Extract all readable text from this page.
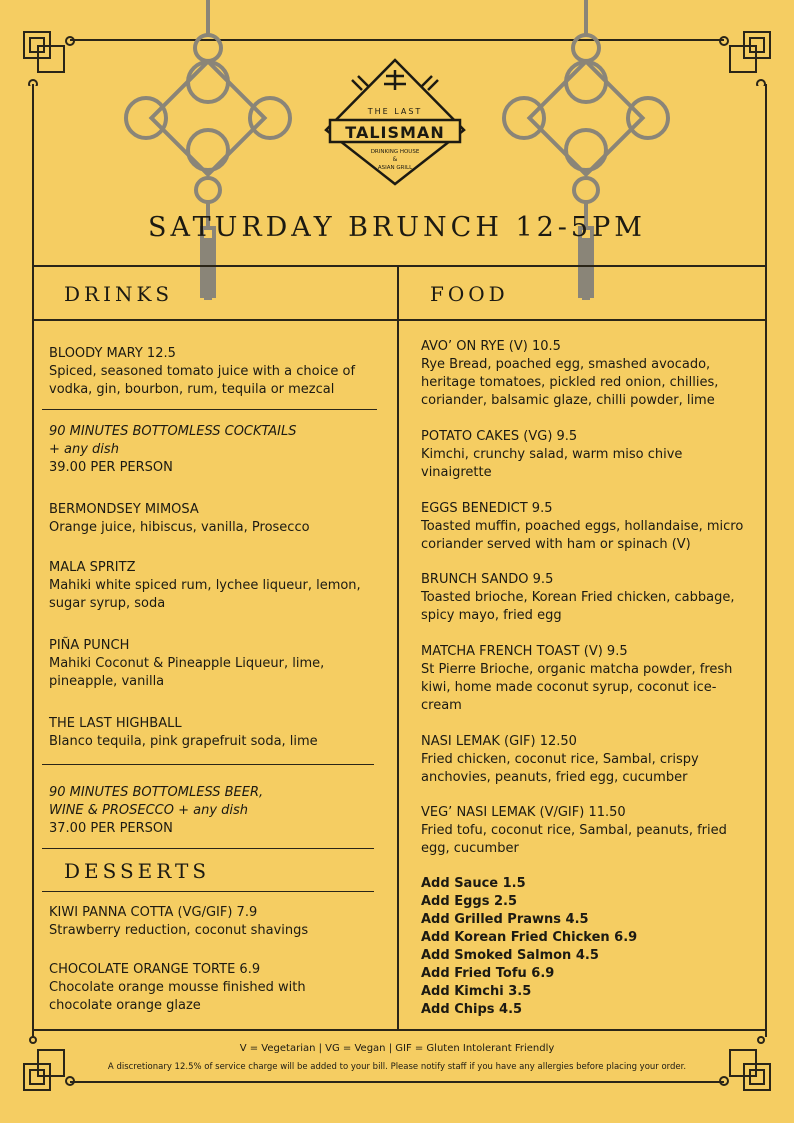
THE LAST
TALISMAN
DRINKING HOUSE
&
ASIAN GRILL
SATURDAY BRUNCH 12-5PM
DRINKS	FOOD
DESSERTS
BLOODY MARY 12.5
Spiced, seasoned tomato juice with a choice of vodka, gin, bourbon, rum, tequila or mezcal
90 MINUTES BOTTOMLESS COCKTAILS
+ any dish
39.00 PER PERSON
BERMONDSEY MIMOSA
Orange juice, hibiscus, vanilla, Prosecco
MALA SPRITZ
Mahiki white spiced rum, lychee liqueur, lemon, sugar syrup, soda
PIÑA PUNCH
Mahiki Coconut & Pineapple Liqueur, lime, pineapple, vanilla
THE LAST HIGHBALL
Blanco tequila, pink grapefruit soda, lime
90 MINUTES BOTTOMLESS BEER,
WINE & PROSECCO + any dish
37.00 PER PERSON
KIWI PANNA COTTA (VG/GIF) 7.9
Strawberry reduction, coconut shavings
CHOCOLATE ORANGE TORTE 6.9
Chocolate orange mousse finished with chocolate orange glaze
AVO’ ON RYE (V) 10.5
Rye Bread, poached egg, smashed avocado, heritage tomatoes, pickled red onion, chillies, coriander, balsamic glaze, chilli powder, lime
POTATO CAKES (VG) 9.5
Kimchi, crunchy salad, warm miso chive vinaigrette
EGGS BENEDICT 9.5
Toasted muffin, poached eggs, hollandaise, micro coriander served with ham or spinach (V)
BRUNCH SANDO 9.5
Toasted brioche, Korean Fried chicken, cabbage, spicy mayo, fried egg
MATCHA FRENCH TOAST (V) 9.5
St Pierre Brioche, organic matcha powder, fresh kiwi, home made coconut syrup, coconut ice-cream
NASI LEMAK (GIF) 12.50
Fried chicken, coconut rice, Sambal, crispy anchovies, peanuts, fried egg, cucumber
VEG’ NASI LEMAK (V/GIF) 11.50
Fried tofu, coconut rice, Sambal, peanuts, fried egg, cucumber
Add Sauce 1.5
Add Eggs 2.5
Add Grilled Prawns 4.5
Add Korean Fried Chicken 6.9
Add Smoked Salmon 4.5
Add Fried Tofu 6.9
Add Kimchi 3.5
Add Chips 4.5
V = Vegetarian | VG = Vegan | GIF = Gluten Intolerant Friendly
A discretionary 12.5% of service charge will be added to your bill. Please notify staff if you have any allergies before placing your order.
